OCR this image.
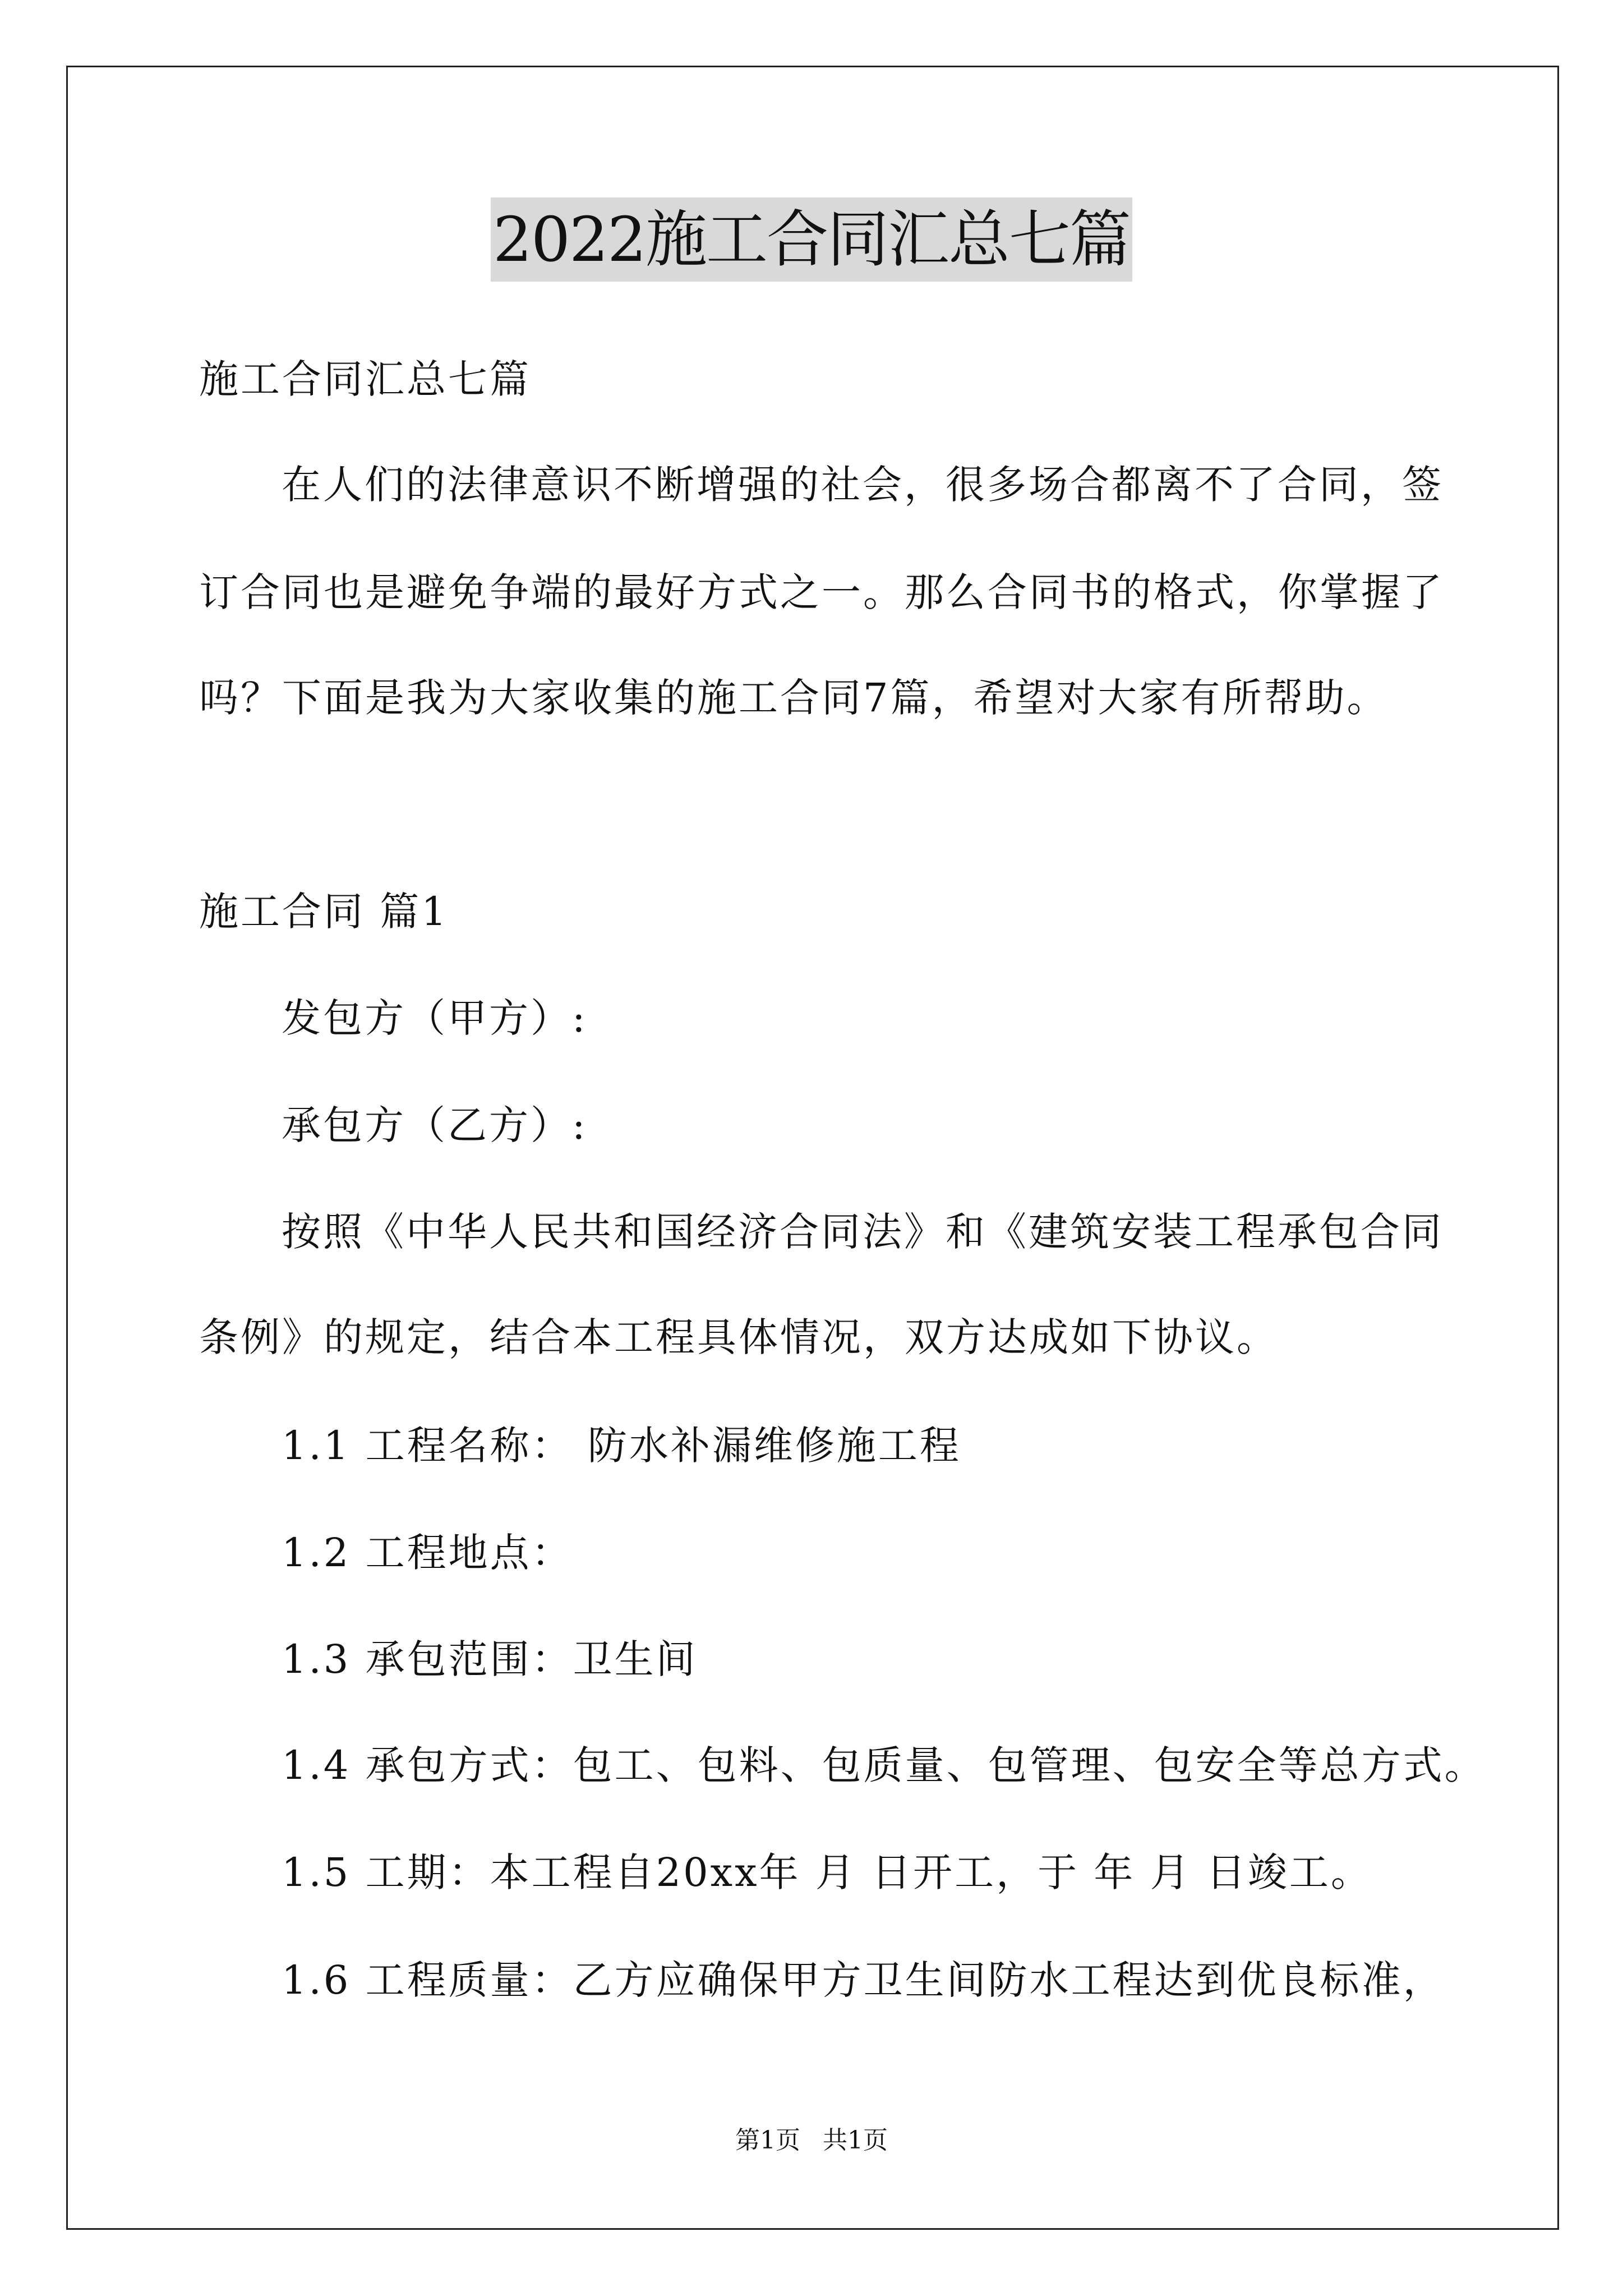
2022施工合同汇总七篇
施工合同汇总七篇
在人们的法律意识不断增强的社会，很多场合都离不了合同，签
订合同也是避免争端的最好方式之一。那么合同书的格式，你掌握了
吗？下面是我为大家收集的施工合同7篇，希望对大家有所帮助。
施工合同 篇1
发包方（甲方）:
承包方（乙方）:
按照《中华人民共和国经济合同法》和《建筑安装工程承包合同
条例》的规定，结合本工程具体情况，双方达成如下协议。
1.1 工程名称： 防水补漏维修施工程
1.2 工程地点：
1.3 承包范围：卫生间
1.4 承包方式：包工、包料、包质量、包管理、包安全等总方式。
1.5 工期：本工程自20xx年 月 日开工，于 年 月 日竣工。
1.6 工程质量：乙方应确保甲方卫生间防水工程达到优良标准，
第1页 共1页
